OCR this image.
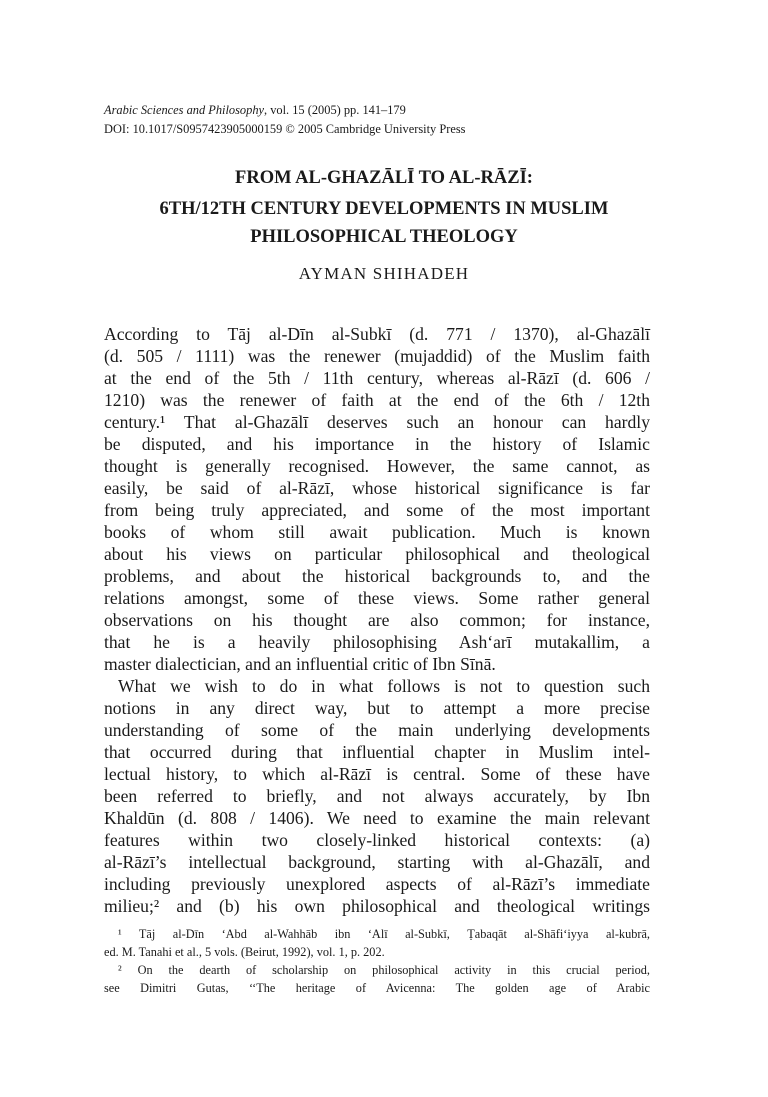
Arabic Sciences and Philosophy, vol. 15 (2005) pp. 141–179
DOI: 10.1017/S0957423905000159 © 2005 Cambridge University Press
FROM AL-GHAZĀLĪ TO AL-RĀZĪ:
6TH/12TH CENTURY DEVELOPMENTS IN MUSLIM
PHILOSOPHICAL THEOLOGY
AYMAN SHIHADEH
According to Tāj al-Dīn al-Subkī (d. 771 / 1370), al-Ghazālī
(d. 505 / 1111) was the renewer (mujaddid) of the Muslim faith
at the end of the 5th / 11th century, whereas al-Rāzī (d. 606 /
1210) was the renewer of faith at the end of the 6th / 12th
century.¹ That al-Ghazālī deserves such an honour can hardly
be disputed, and his importance in the history of Islamic
thought is generally recognised. However, the same cannot, as
easily, be said of al-Rāzī, whose historical significance is far
from being truly appreciated, and some of the most important
books of whom still await publication. Much is known
about his views on particular philosophical and theological
problems, and about the historical backgrounds to, and the
relations amongst, some of these views. Some rather general
observations on his thought are also common; for instance,
that he is a heavily philosophising Ash‘arī mutakallim, a
master dialectician, and an influential critic of Ibn Sīnā.
What we wish to do in what follows is not to question such
notions in any direct way, but to attempt a more precise
understanding of some of the main underlying developments
that occurred during that influential chapter in Muslim intel-
lectual history, to which al-Rāzī is central. Some of these have
been referred to briefly, and not always accurately, by Ibn
Khaldūn (d. 808 / 1406). We need to examine the main relevant
features within two closely-linked historical contexts: (a)
al-Rāzī’s intellectual background, starting with al-Ghazālī, and
including previously unexplored aspects of al-Rāzī’s immediate
milieu;² and (b) his own philosophical and theological writings
¹ Tāj al-Dīn ‘Abd al-Wahhāb ibn ‘Alī al-Subkī, Ṭabaqāt al-Shāfi‘iyya al-kubrā,
ed. M. Tanahi et al., 5 vols. (Beirut, 1992), vol. 1, p. 202.
² On the dearth of scholarship on philosophical activity in this crucial period,
see Dimitri Gutas, ‘‘The heritage of Avicenna: The golden age of Arabic
